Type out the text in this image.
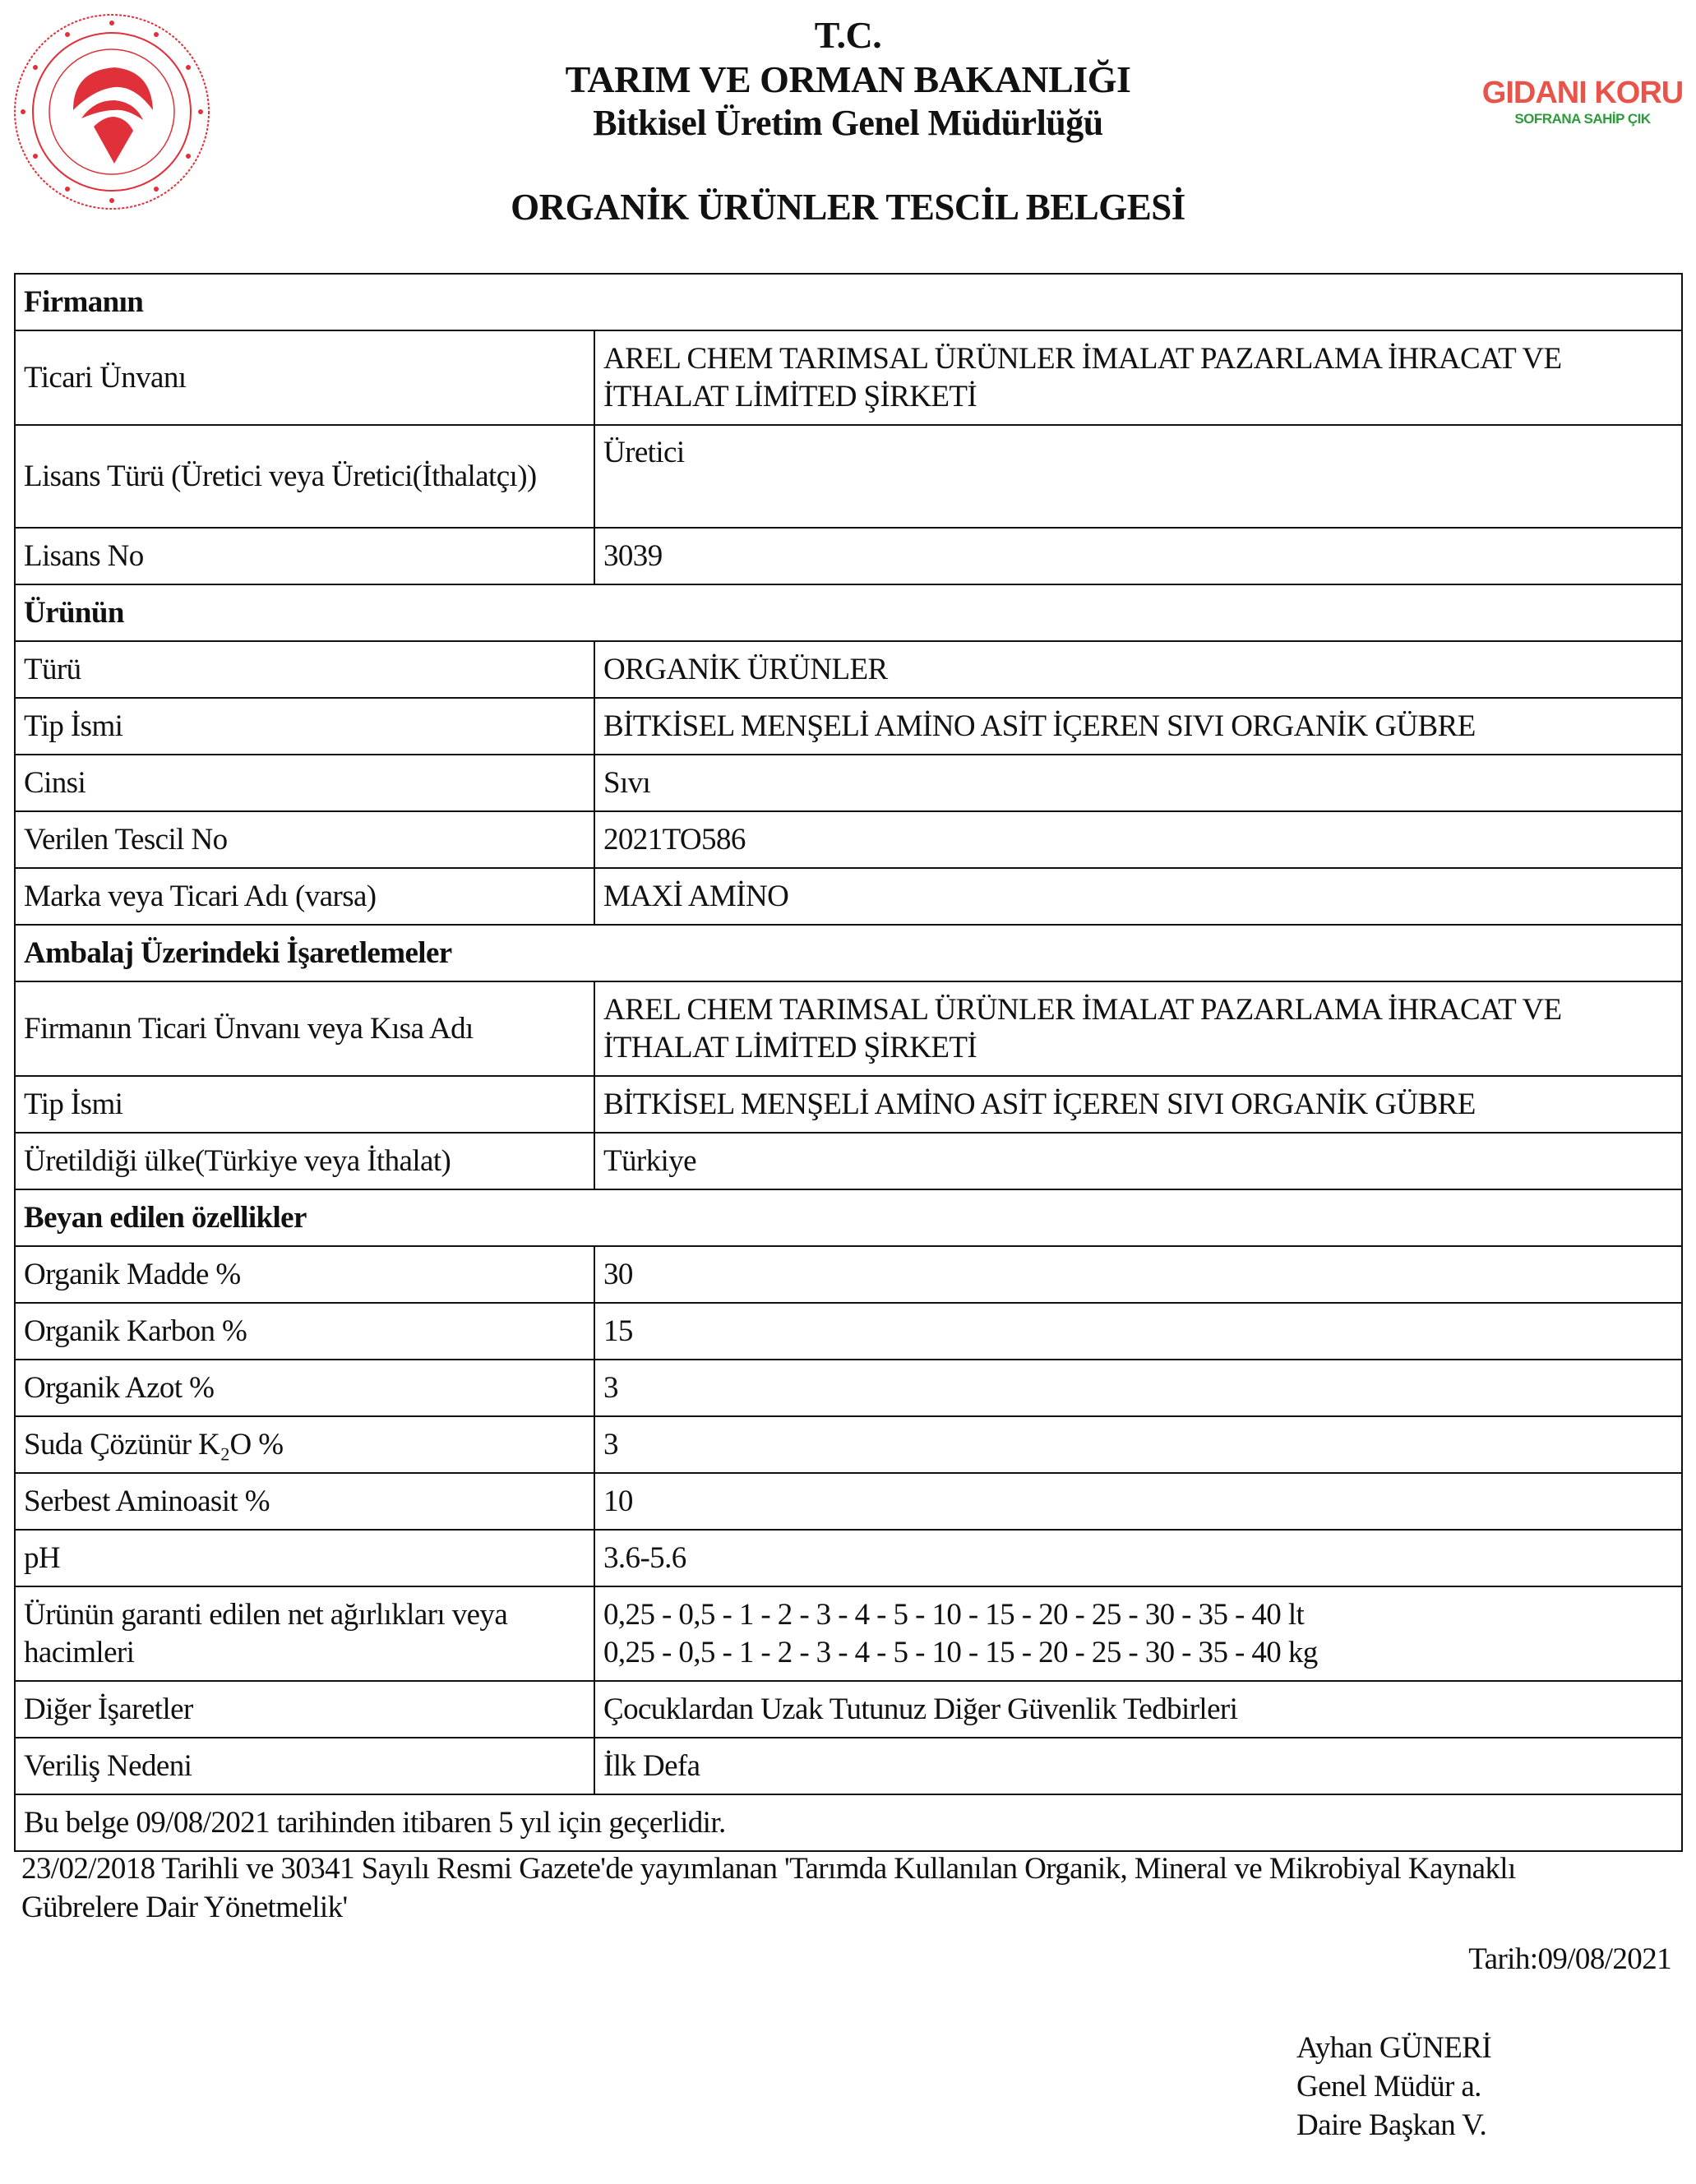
T.C.
TARIM VE ORMAN BAKANLIĞI
Bitkisel Üretim Genel Müdürlüğü
ORGANİK ÜRÜNLER TESCİL BELGESİ
GIDANI KORU
SOFRANA SAHİP ÇIK
Firmanın	
Ticari Ünvanı	AREL CHEM TARIMSAL ÜRÜNLER İMALAT PAZARLAMA İHRACAT VE İTHALAT LİMİTED ŞİRKETİ
Lisans Türü (Üretici veya Üretici(İthalatçı))	Üretici
Lisans No	3039
Ürünün	
Türü	ORGANİK ÜRÜNLER
Tip İsmi	BİTKİSEL MENŞELİ AMİNO ASİT İÇEREN SIVI ORGANİK GÜBRE
Cinsi	Sıvı
Verilen Tescil No	2021TO586
Marka veya Ticari Adı (varsa)	MAXİ AMİNO
Ambalaj Üzerindeki İşaretlemeler	
Firmanın Ticari Ünvanı veya Kısa Adı	AREL CHEM TARIMSAL ÜRÜNLER İMALAT PAZARLAMA İHRACAT VE İTHALAT LİMİTED ŞİRKETİ
Tip İsmi	BİTKİSEL MENŞELİ AMİNO ASİT İÇEREN SIVI ORGANİK GÜBRE
Üretildiği ülke(Türkiye veya İthalat)	Türkiye
Beyan edilen özellikler	
Organik Madde %	30
Organik Karbon %	15
Organik Azot %	3
Suda Çözünür K₂O %	3
Serbest Aminoasit %	10
pH	3.6-5.6
Ürünün garanti edilen net ağırlıkları veya hacimleri	0,25 - 0,5 - 1 - 2 - 3 - 4 - 5 - 10 - 15 - 20 - 25 - 30 - 35 - 40 lt
0,25 - 0,5 - 1 - 2 - 3 - 4 - 5 - 10 - 15 - 20 - 25 - 30 - 35 - 40 kg

Diğer İşaretler	Çocuklardan Uzak Tutunuz Diğer Güvenlik Tedbirleri
Veriliş Nedeni	İlk Defa
Bu belge 09/08/2021 tarihinden itibaren 5 yıl için geçerlidir.	
23/02/2018 Tarihli ve 30341 Sayılı Resmi Gazete'de yayımlanan 'Tarımda Kullanılan Organik, Mineral ve Mikrobiyal Kaynaklı Gübrelere Dair Yönetmelik'
Tarih:09/08/2021
Ayhan GÜNERİ
Genel Müdür a.
Daire Başkan V.
